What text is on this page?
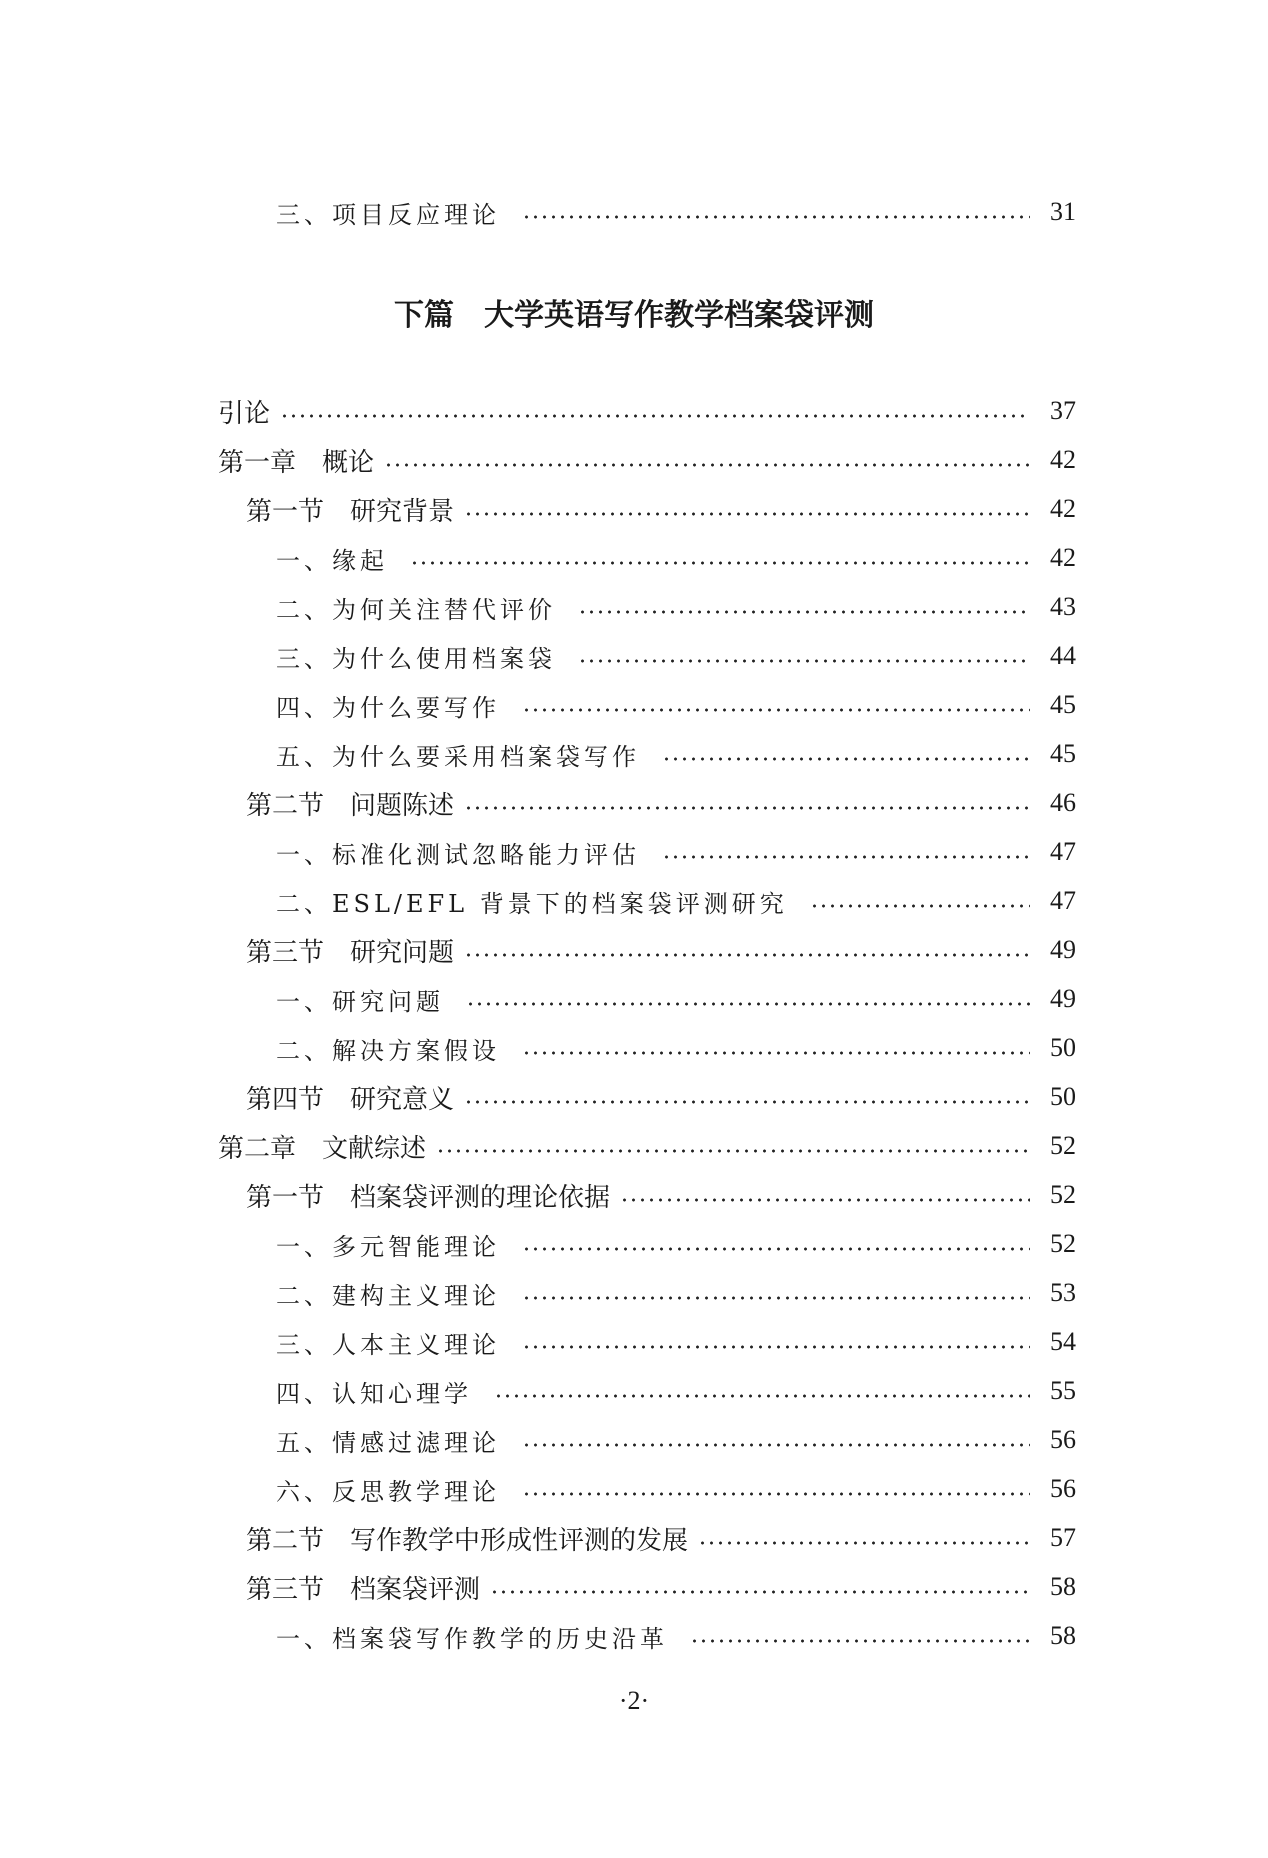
三、项目反应理论	31
下篇　大学英语写作教学档案袋评测
引论	37
第一章　概论	42
第一节　研究背景	42
一、缘起	42
二、为何关注替代评价	43
三、为什么使用档案袋	44
四、为什么要写作	45
五、为什么要采用档案袋写作	45
第二节　问题陈述	46
一、标准化测试忽略能力评估	47
二、ESL/EFL 背景下的档案袋评测研究	47
第三节　研究问题	49
一、研究问题	49
二、解决方案假设	50
第四节　研究意义	50
第二章　文献综述	52
第一节　档案袋评测的理论依据	52
一、多元智能理论	52
二、建构主义理论	53
三、人本主义理论	54
四、认知心理学	55
五、情感过滤理论	56
六、反思教学理论	56
第二节　写作教学中形成性评测的发展	57
第三节　档案袋评测	58
一、档案袋写作教学的历史沿革	58
·2·
